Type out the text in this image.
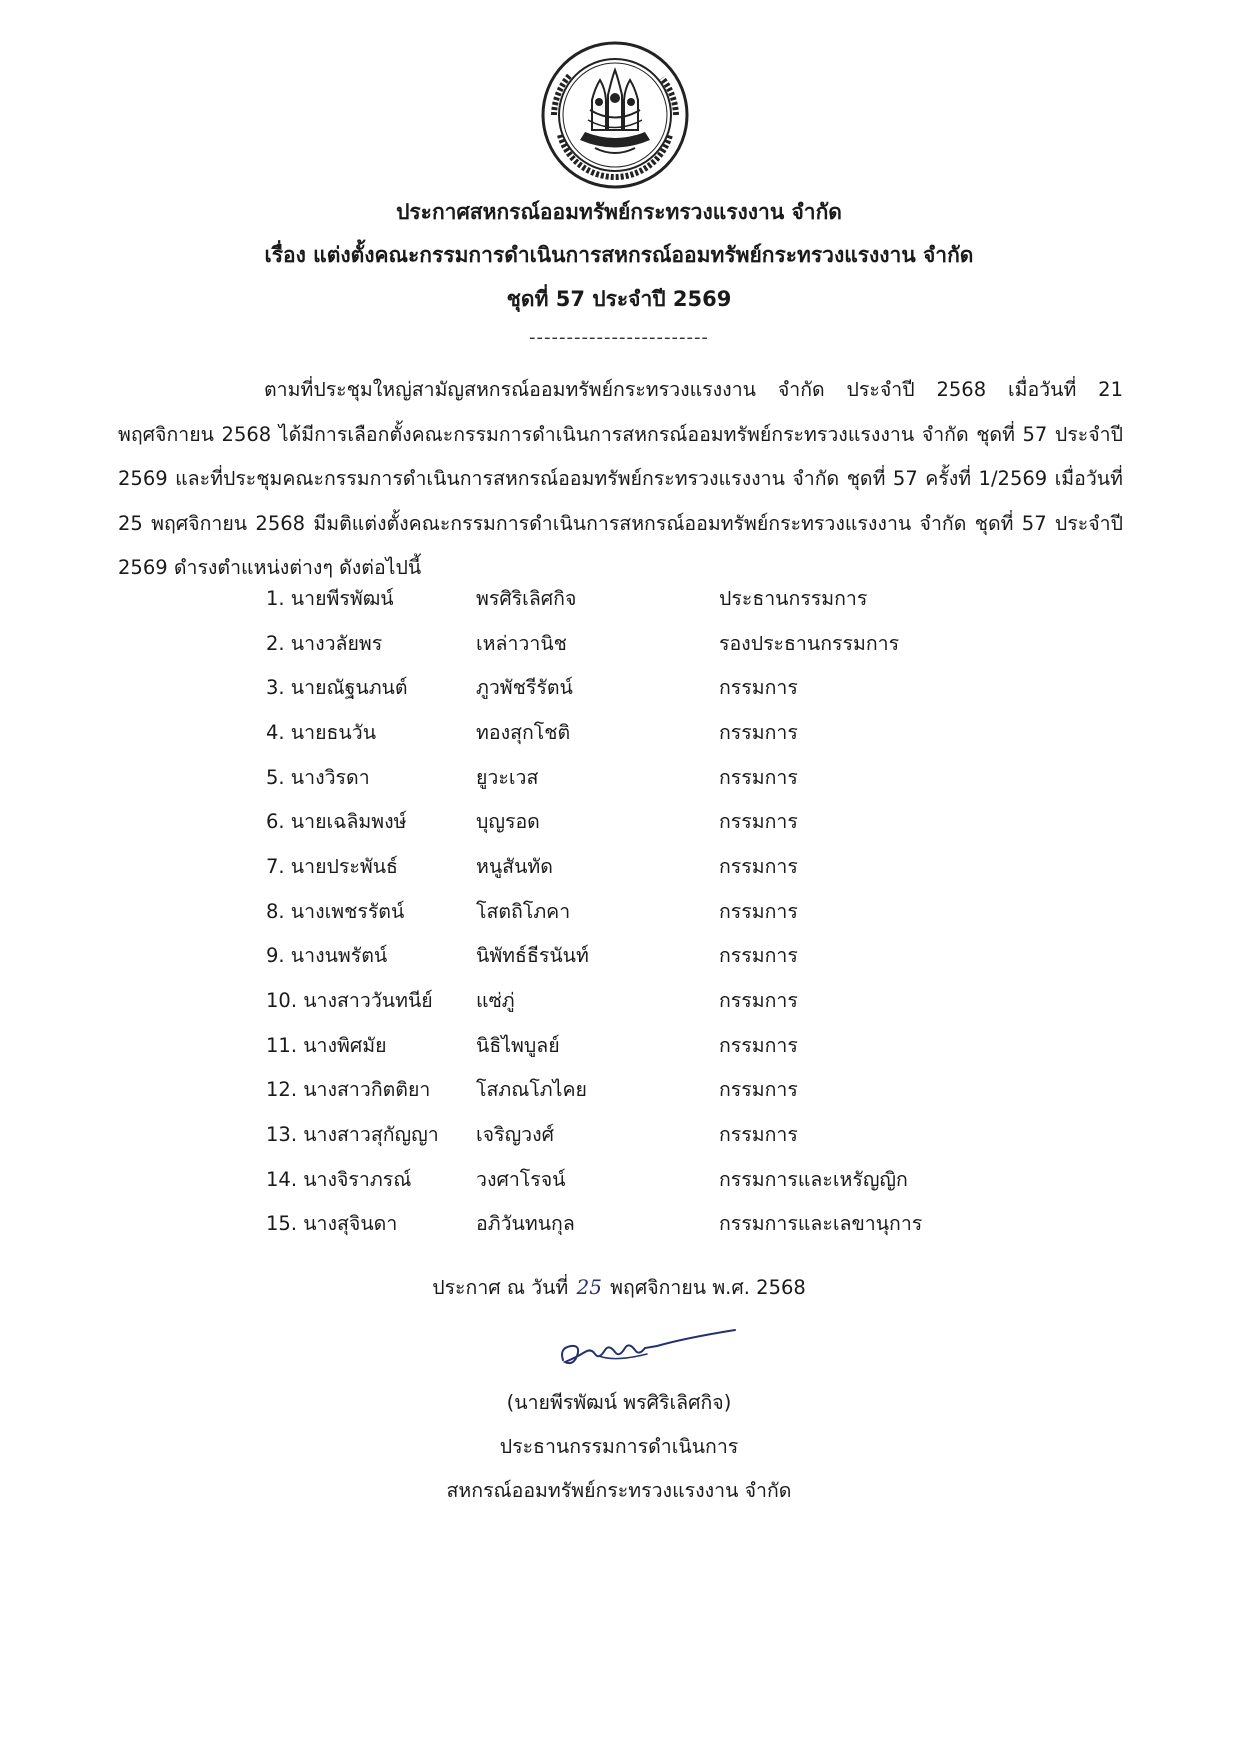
ประกาศสหกรณ์ออมทรัพย์กระทรวงแรงงาน จำกัด
เรื่อง แต่งตั้งคณะกรรมการดำเนินการสหกรณ์ออมทรัพย์กระทรวงแรงงาน จำกัด
ชุดที่ 57 ประจำปี 2569
------------------------

ตามที่ประชุมใหญ่สามัญสหกรณ์ออมทรัพย์กระทรวงแรงงาน จำกัด ประจำปี 2568 เมื่อวันที่ 21 พฤศจิกายน 2568 ได้มีการเลือกตั้งคณะกรรมการดำเนินการสหกรณ์ออมทรัพย์กระทรวงแรงงาน จำกัด ชุดที่ 57 ประจำปี 2569 และที่ประชุมคณะกรรมการดำเนินการสหกรณ์ออมทรัพย์กระทรวงแรงงาน จำกัด ชุดที่ 57 ครั้งที่ 1/2569 เมื่อวันที่ 25 พฤศจิกายน 2568 มีมติแต่งตั้งคณะกรรมการดำเนินการสหกรณ์ออมทรัพย์กระทรวงแรงงาน จำกัด ชุดที่ 57 ประจำปี 2569 ดำรงตำแหน่งต่างๆ ดังต่อไปนี้

1. นายพีรพัฒน์	พรศิริเลิศกิจ	ประธานกรรมการ
2. นางวลัยพร	เหล่าวานิช	รองประธานกรรมการ
3. นายณัฐนภนต์	ภูวพัชรีรัตน์	กรรมการ
4. นายธนวัน	ทองสุกโชติ	กรรมการ
5. นางวิรดา	ยูวะเวส	กรรมการ
6. นายเฉลิมพงษ์	บุญรอด	กรรมการ
7. นายประพันธ์	หนูสันทัด	กรรมการ
8. นางเพชรรัตน์	โสตถิโภคา	กรรมการ
9. นางนพรัตน์	นิพัทธ์ธีรนันท์	กรรมการ
10. นางสาววันทนีย์	แซ่ภู่	กรรมการ
11. นางพิศมัย	นิธิไพบูลย์	กรรมการ
12. นางสาวกิตติยา	โสภณโภไคย	กรรมการ
13. นางสาวสุกัญญา	เจริญวงศ์	กรรมการ
14. นางจิราภรณ์	วงศาโรจน์	กรรมการและเหรัญญิก
15. นางสุจินดา	อภิวันทนกุล	กรรมการและเลขานุการ
ประกาศ ณ วันที่ 25 พฤศจิกายน พ.ศ. 2568
(นายพีรพัฒน์ พรศิริเลิศกิจ)
ประธานกรรมการดำเนินการ
สหกรณ์ออมทรัพย์กระทรวงแรงงาน จำกัด
